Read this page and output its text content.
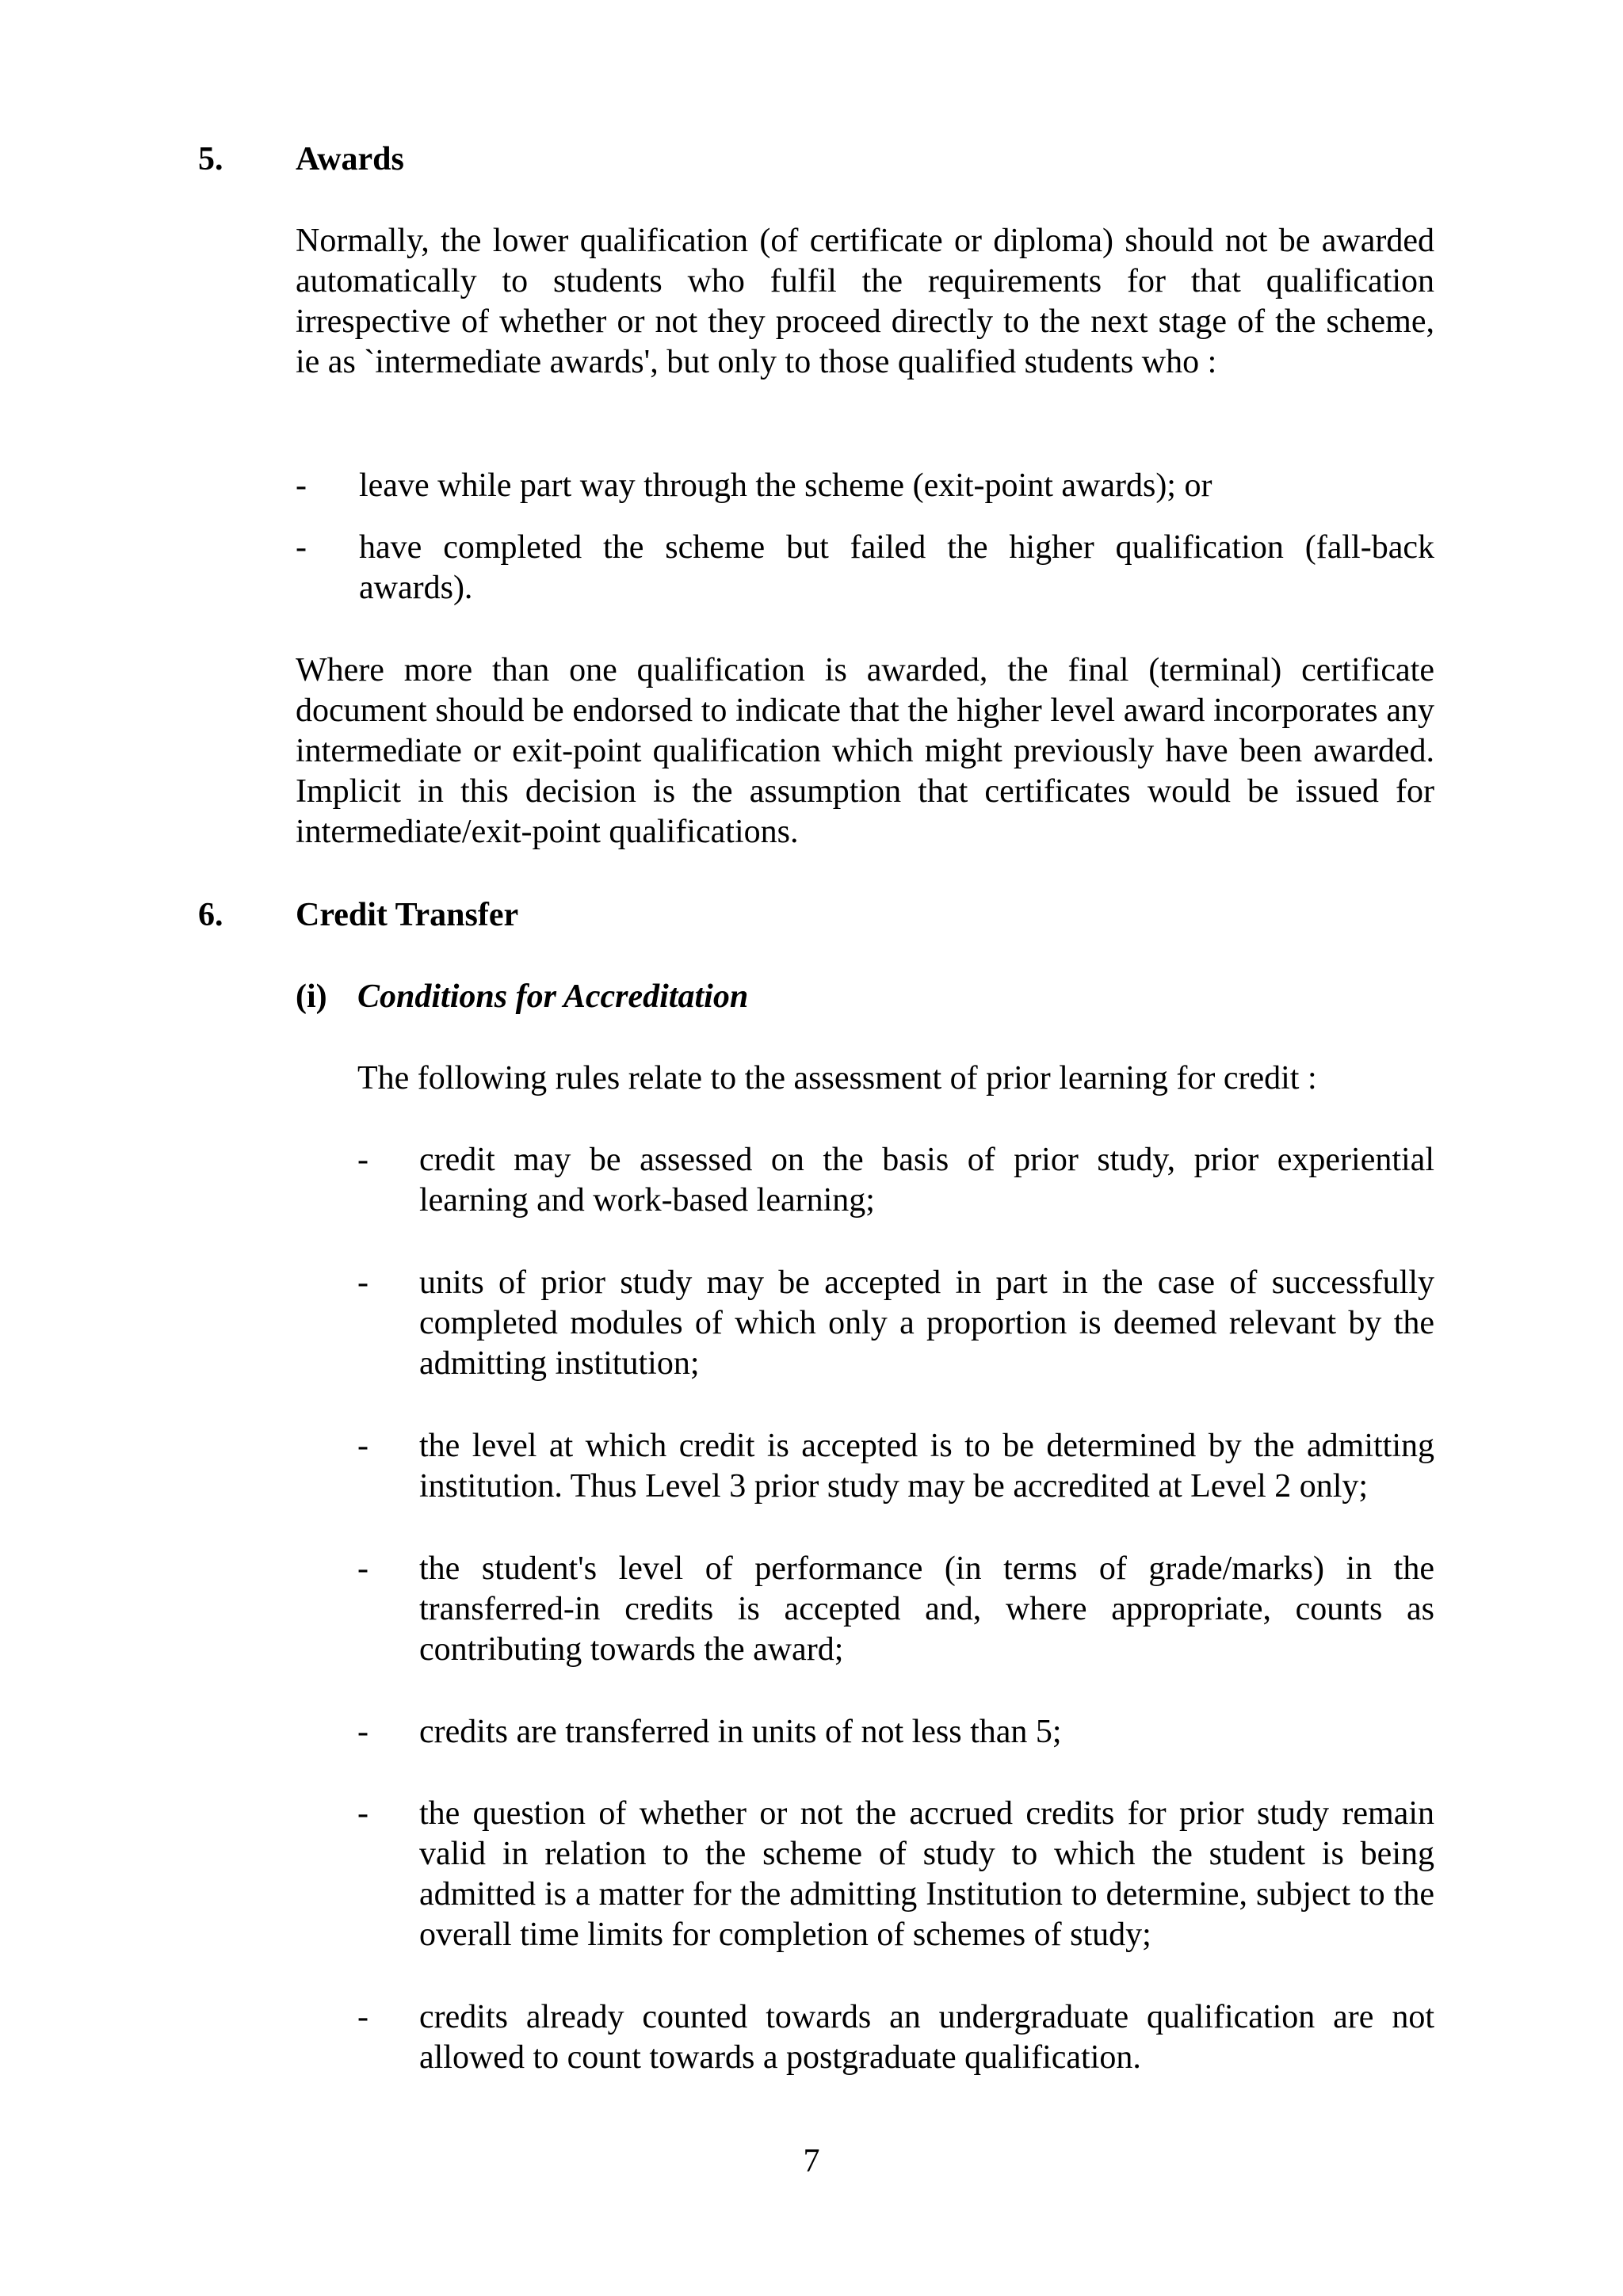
5. Awards

Normally, the lower qualification (of certificate or diploma) should not be awarded automatically to students who fulfil the requirements for that qualification irrespective of whether or not they proceed directly to the next stage of the scheme, ie as `intermediate awards', but only to those qualified students who :

- leave while part way through the scheme (exit-point awards); or

- have completed the scheme but failed the higher qualification (fall-back awards).

Where more than one qualification is awarded, the final (terminal) certificate document should be endorsed to indicate that the higher level award incorporates any intermediate or exit-point qualification which might previously have been awarded. Implicit in this decision is the assumption that certificates would be issued for intermediate/exit-point qualifications.

6. Credit Transfer
(i) Conditions for Accreditation

The following rules relate to the assessment of prior learning for credit :

- credit may be assessed on the basis of prior study, prior experiential learning and work-based learning;

- units of prior study may be accepted in part in the case of successfully completed modules of which only a proportion is deemed relevant by the admitting institution;

- the level at which credit is accepted is to be determined by the admitting institution. Thus Level 3 prior study may be accredited at Level 2 only;

- the student's level of performance (in terms of grade/marks) in the transferred-in credits is accepted and, where appropriate, counts as contributing towards the award;

- credits are transferred in units of not less than 5;

- the question of whether or not the accrued credits for prior study remain valid in relation to the scheme of study to which the student is being admitted is a matter for the admitting Institution to determine, subject to the overall time limits for completion of schemes of study;

- credits already counted towards an undergraduate qualification are not allowed to count towards a postgraduate qualification.

7
